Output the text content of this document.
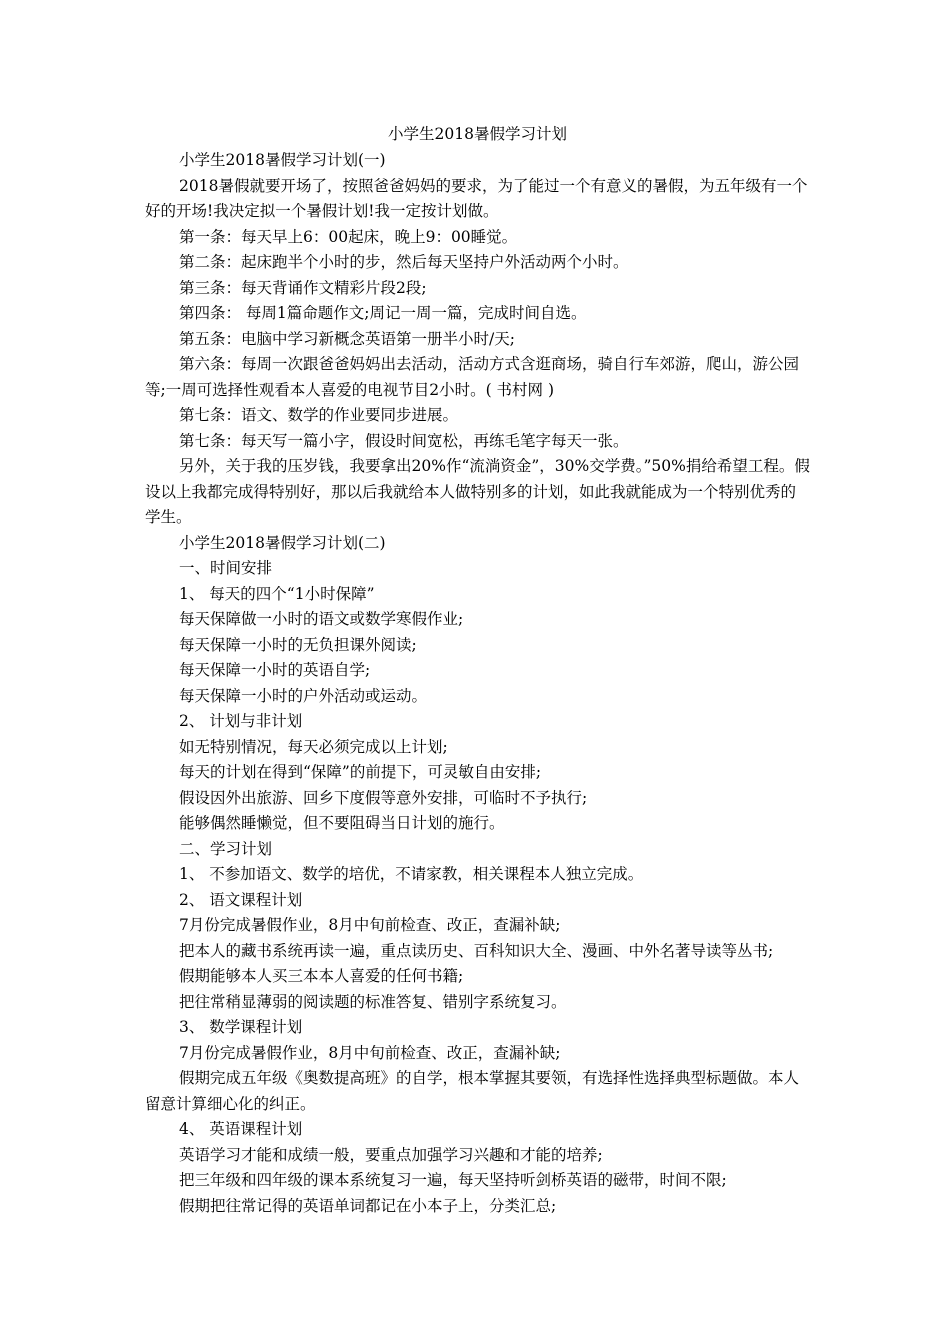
小学生2018暑假学习计划

小学生2018暑假学习计划(一)

2018暑假就要开场了，按照爸爸妈妈的要求，为了能过一个有意义的暑假，为五年级有一个好的开场!我决定拟一个暑假计划!我一定按计划做。

第一条：每天早上6：00起床，晚上9：00睡觉。

第二条：起床跑半个小时的步，然后每天坚持户外活动两个小时。

第三条：每天背诵作文精彩片段2段;

第四条： 每周1篇命题作文;周记一周一篇，完成时间自选。

第五条：电脑中学习新概念英语第一册半小时/天;

第六条：每周一次跟爸爸妈妈出去活动，活动方式含逛商场，骑自行车郊游，爬山，游公园等;一周可选择性观看本人喜爱的电视节目2小时。( 书村网 )

第七条：语文、数学的作业要同步进展。

第七条：每天写一篇小字，假设时间宽松，再练毛笔字每天一张。

另外，关于我的压岁钱，我要拿出20%作“流淌资金”，30%交学费。”50%捐给希望工程。假设以上我都完成得特别好，那以后我就给本人做特别多的计划，如此我就能成为一个特别优秀的学生。

小学生2018暑假学习计划(二)

一、时间安排

1、 每天的四个“1小时保障”

每天保障做一小时的语文或数学寒假作业;

每天保障一小时的无负担课外阅读;

每天保障一小时的英语自学;

每天保障一小时的户外活动或运动。

2、 计划与非计划

如无特别情况，每天必须完成以上计划;

每天的计划在得到“保障”的前提下，可灵敏自由安排;

假设因外出旅游、回乡下度假等意外安排，可临时不予执行;

能够偶然睡懒觉，但不要阻碍当日计划的施行。

二、学习计划

1、 不参加语文、数学的培优，不请家教，相关课程本人独立完成。

2、 语文课程计划

7月份完成暑假作业，8月中旬前检查、改正，查漏补缺;

把本人的藏书系统再读一遍，重点读历史、百科知识大全、漫画、中外名著导读等丛书;

假期能够本人买三本本人喜爱的任何书籍;

把往常稍显薄弱的阅读题的标准答复、错别字系统复习。

3、 数学课程计划

7月份完成暑假作业，8月中旬前检查、改正，查漏补缺;

假期完成五年级《奥数提高班》的自学，根本掌握其要领，有选择性选择典型标题做。本人留意计算细心化的纠正。

4、 英语课程计划

英语学习才能和成绩一般，要重点加强学习兴趣和才能的培养;

把三年级和四年级的课本系统复习一遍，每天坚持听剑桥英语的磁带，时间不限;

假期把往常记得的英语单词都记在小本子上，分类汇总;
